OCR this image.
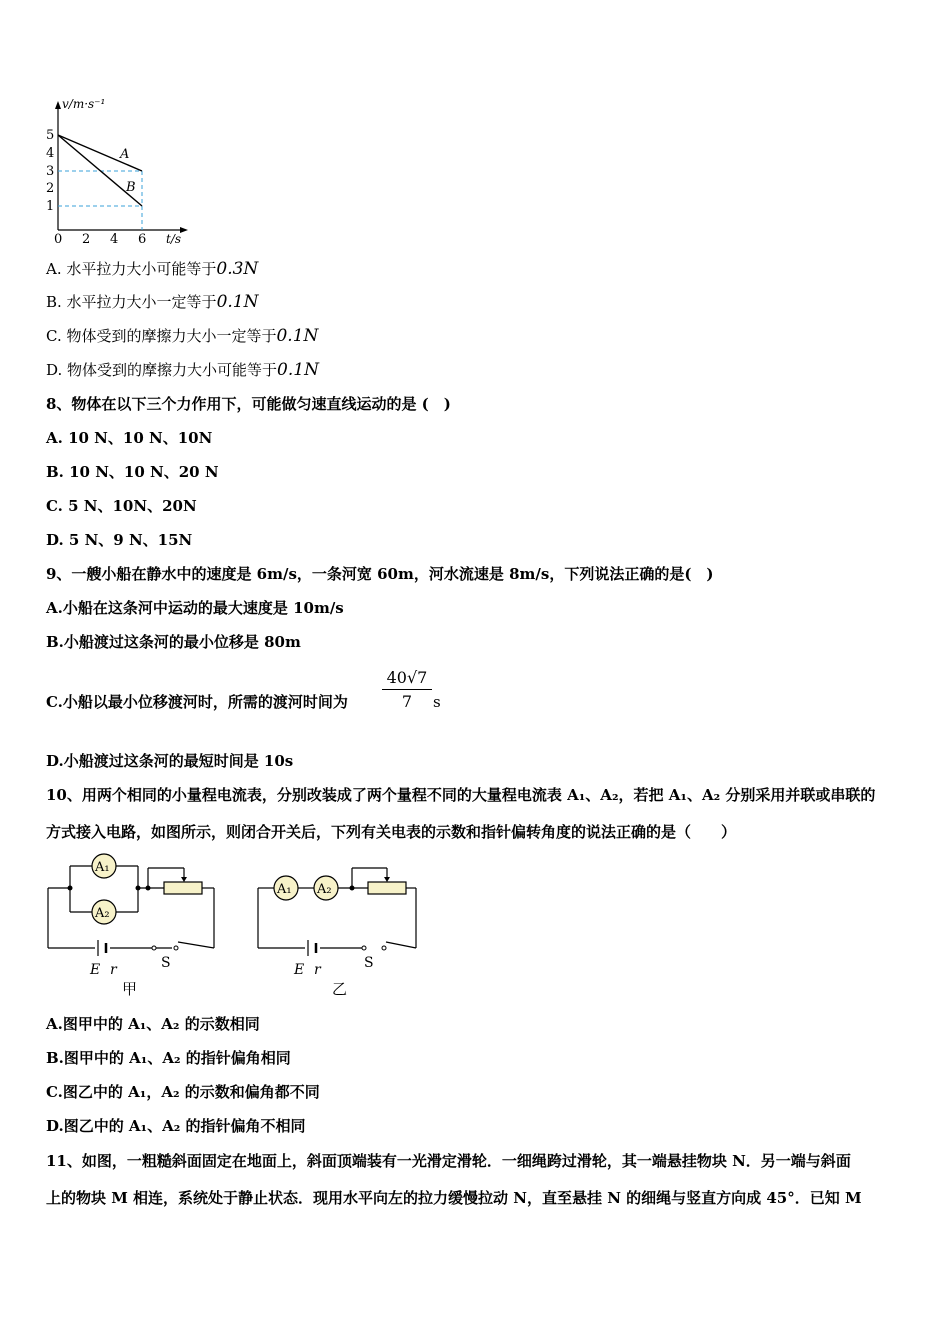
5
4
3
2
1
0 2 4 6
v/m·s⁻¹
t/s
A
B
A. 水平拉力大小可能等于0.3N
B. 水平拉力大小一定等于0.1N
C. 物体受到的摩擦力大小一定等于0.1N
D. 物体受到的摩擦力大小可能等于0.1N
8、物体在以下三个力作用下，可能做匀速直线运动的是 (　)
A. 10 N、10 N、10N
B. 10 N、10 N、20 N
C. 5 N、10N、20N
D. 5 N、9 N、15N
9、一艘小船在静水中的速度是 6m/s，一条河宽 60m，河水流速是 8m/s，下列说法正确的是(　)
A.小船在这条河中运动的最大速度是 10m/s
B.小船渡过这条河的最小位移是 80m
C.小船以最小位移渡河时，所需的渡河时间为 $\frac{40√7}{7}$ s
D.小船渡过这条河的最短时间是 10s
10、用两个相同的小量程电流表，分别改装成了两个量程不同的大量程电流表 A₁、A₂，若把 A₁、A₂ 分别采用并联或串联的
方式接入电路，如图所示，则闭合开关后，下列有关电表的示数和指针偏转角度的说法正确的是（　　）
A₁
A₂
E r	S
甲
A₁ A₂
E r	S
乙
A.图甲中的 A₁、A₂ 的示数相同
B.图甲中的 A₁、A₂ 的指针偏角相同
C.图乙中的 A₁，A₂ 的示数和偏角都不同
D.图乙中的 A₁、A₂ 的指针偏角不相同
11、如图，一粗糙斜面固定在地面上，斜面顶端装有一光滑定滑轮．一细绳跨过滑轮，其一端悬挂物块 N．另一端与斜面
上的物块 M 相连，系统处于静止状态．现用水平向左的拉力缓慢拉动 N，直至悬挂 N 的细绳与竖直方向成 45°．已知 M
